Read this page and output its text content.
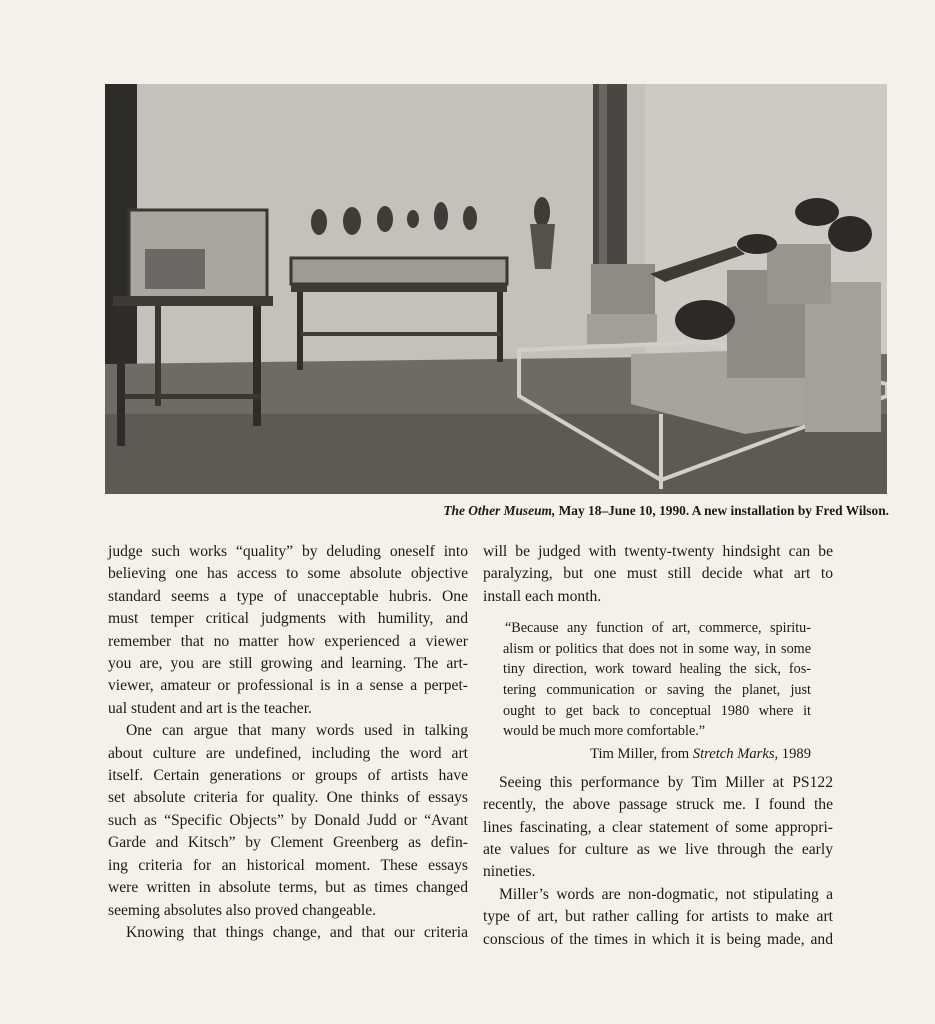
The Other Museum, May 18–June 10, 1990. A new installation by Fred Wilson.
judge such works “quality” by deluding oneself into
believing one has access to some absolute objective
standard seems a type of unacceptable hubris. One
must temper critical judgments with humility, and
remember that no matter how experienced a viewer
you are, you are still growing and learning. The art-
viewer, amateur or professional is in a sense a perpet-
ual student and art is the teacher.
One can argue that many words used in talking
about culture are undefined, including the word art
itself. Certain generations or groups of artists have
set absolute criteria for quality. One thinks of essays
such as “Specific Objects” by Donald Judd or “Avant
Garde and Kitsch” by Clement Greenberg as defin-
ing criteria for an historical moment. These essays
were written in absolute terms, but as times changed
seeming absolutes also proved changeable.
Knowing that things change, and that our criteria
will be judged with twenty-twenty hindsight can be
paralyzing, but one must still decide what art to
install each month.
“Because any function of art, commerce, spiritu-
alism or politics that does not in some way, in some
tiny direction, work toward healing the sick, fos-
tering communication or saving the planet, just
ought to get back to conceptual 1980 where it
would be much more comfortable.”
Tim Miller, from Stretch Marks, 1989
Seeing this performance by Tim Miller at PS122
recently, the above passage struck me. I found the
lines fascinating, a clear statement of some appropri-
ate values for culture as we live through the early
nineties.
Miller’s words are non-dogmatic, not stipulating a
type of art, but rather calling for artists to make art
conscious of the times in which it is being made, and
